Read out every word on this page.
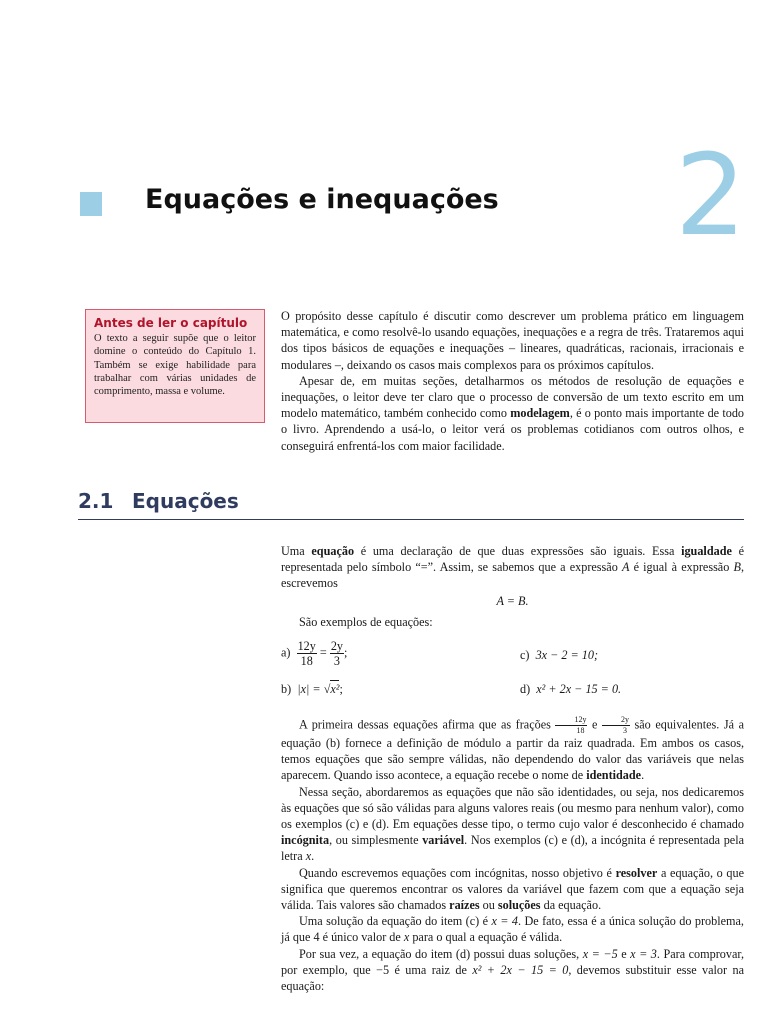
Equações e inequações 2
Antes de ler o capítulo
O texto a seguir supõe que o leitor domine o conteúdo do Capítulo 1. Também se exige habilidade para trabalhar com várias unidades de comprimento, massa e volume.
O propósito desse capítulo é discutir como descrever um problema prático em linguagem matemática, e como resolvê-lo usando equações, inequações e a regra de três. Trataremos aqui dos tipos básicos de equações e inequações – lineares, quadráticas, racionais, irracionais e modulares –, deixando os casos mais complexos para os próximos capítulos.
Apesar de, em muitas seções, detalharmos os métodos de resolução de equações e inequações, o leitor deve ter claro que o processo de conversão de um texto escrito em um modelo matemático, também conhecido como modelagem, é o ponto mais importante de todo o livro. Aprendendo a usá-lo, o leitor verá os problemas cotidianos com outros olhos, e conseguirá enfrentá-los com maior facilidade.
2.1 Equações
Uma equação é uma declaração de que duas expressões são iguais. Essa igualdade é representada pelo símbolo “=”. Assim, se sabemos que a expressão A é igual à expressão B, escrevemos
A = B.
São exemplos de equações:
$a) \frac{12y}{18} = \frac{2y}{3}$ ;	c) 3x − 2 = 10;
b) |x| = √x²;	d) x² + 2x − 15 = 0.
A primeira dessas equações afirma que as frações $\frac{12y}{18}$ e $\frac{2y}{3}$ são equivalentes. Já a equação (b) fornece a definição de módulo a partir da raiz quadrada. Em ambos os casos, temos equações que são sempre válidas, não dependendo do valor das variáveis que nelas aparecem. Quando isso acontece, a equação recebe o nome de identidade.
Nessa seção, abordaremos as equações que não são identidades, ou seja, nos dedicaremos às equações que só são válidas para alguns valores reais (ou mesmo para nenhum valor), como os exemplos (c) e (d). Em equações desse tipo, o termo cujo valor é desconhecido é chamado incógnita, ou simplesmente variável. Nos exemplos (c) e (d), a incógnita é representada pela letra x.
Quando escrevemos equações com incógnitas, nosso objetivo é resolver a equação, o que significa que queremos encontrar os valores da variável que fazem com que a equação seja válida. Tais valores são chamados raízes ou soluções da equação.
Uma solução da equação do item (c) é x = 4. De fato, essa é a única solução do problema, já que 4 é único valor de x para o qual a equação é válida.
Por sua vez, a equação do item (d) possui duas soluções, x = −5 e x = 3. Para comprovar, por exemplo, que −5 é uma raiz de x² + 2x − 15 = 0, devemos substituir esse valor na equação:
